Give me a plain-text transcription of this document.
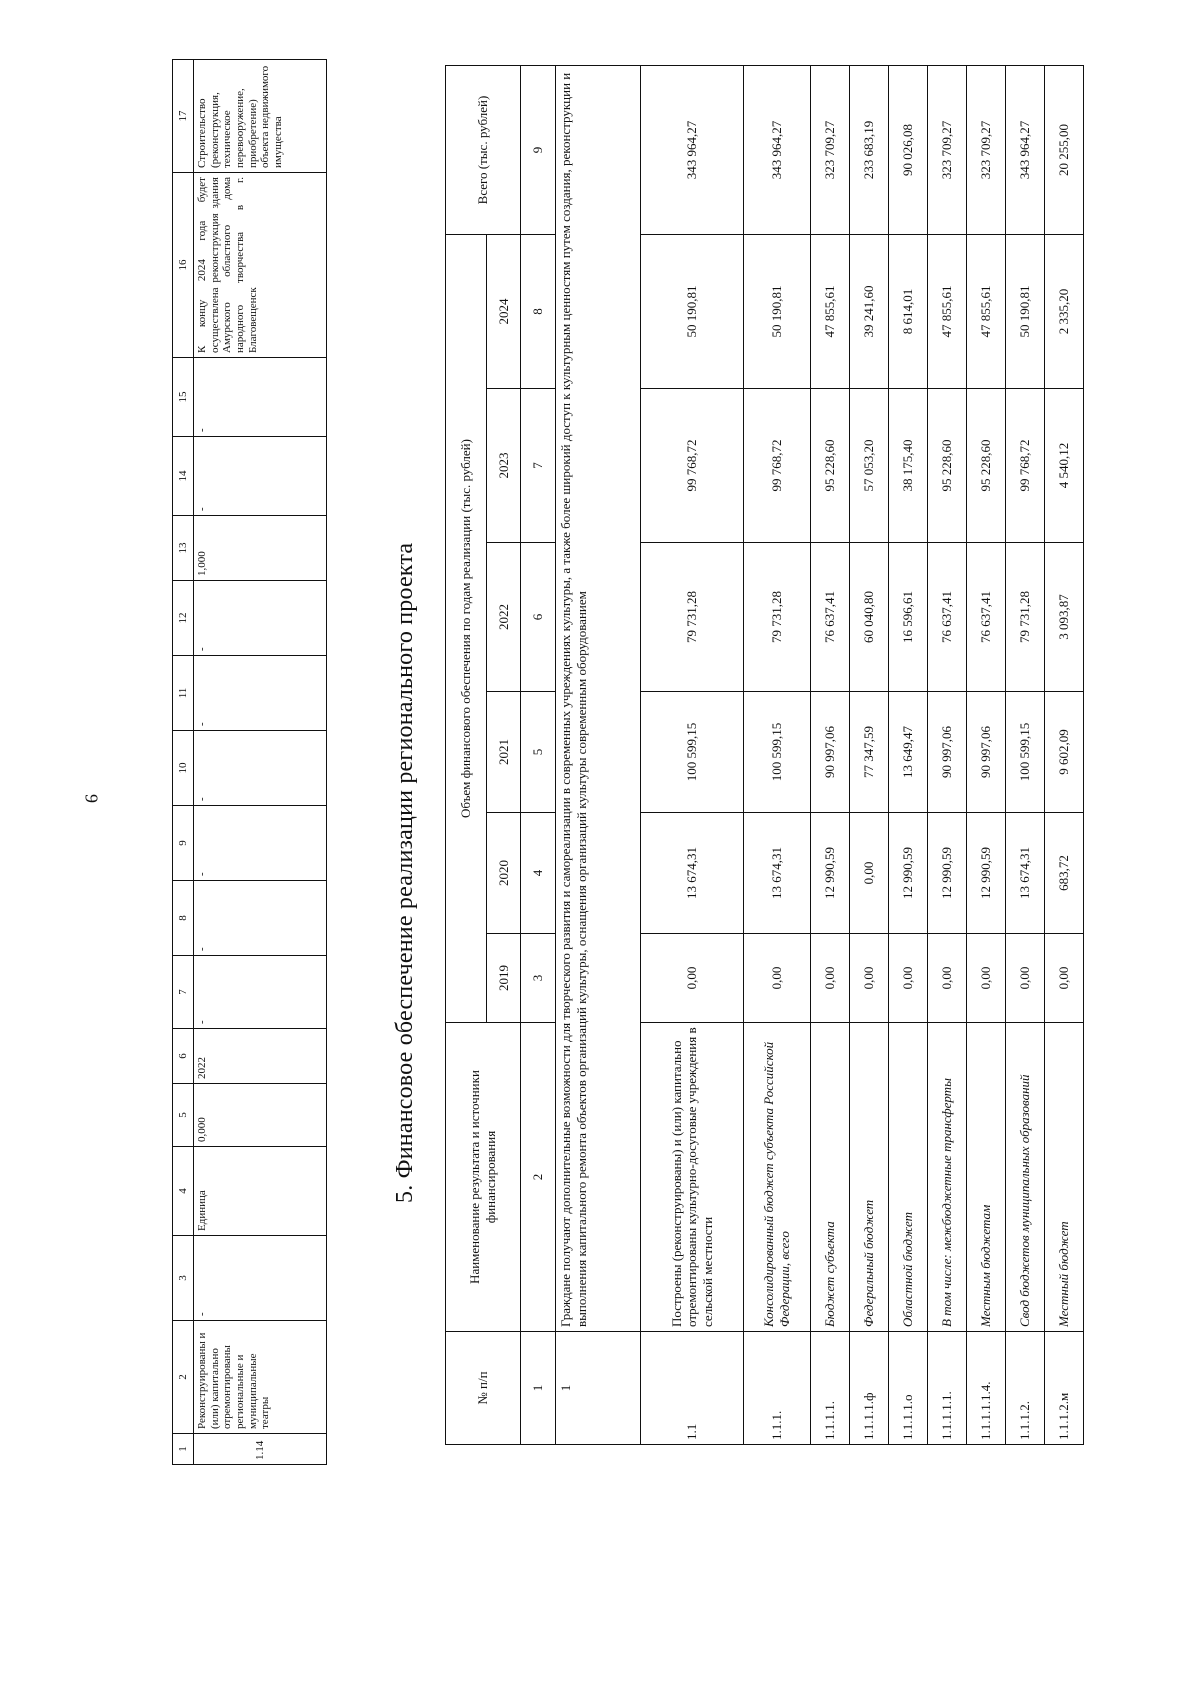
9
1	2	3	4	5	6	7	8	9	10	11	12	13	14	15	16	17
1.14	Реконструированы и (или) капитально отремонтированы региональные и муниципальные театры	-	Единица	0,000	2022	-	-	-	-	-	-	1,000	-	-	К концу 2024 года будет осуществлена реконструкция здания Амурского областного дома народного творчества в г. Благовещенск	Строительство (реконструкция, техническое перевооружение, приобретение) объекта недвижимого имущества
5. Финансовое обеспечение реализации регионального проекта
№ п/п	Наименование результата и источники финансирования	Объем финансового обеспечения по годам реализации (тыс. рублей)						Всего (тыс. рублей)
		2019	2020	2021	2022	2023	2024	
1	2	3	4	5	6	7	8	9
1	Граждане получают дополнительные возможности для творческого развития и самореализации в современных учреждениях культуры, а также более широкий доступ к культурным ценностям путем создания, реконструкции и выполнения капитального ремонта объектов организаций культуры, оснащения организаций культуры современным оборудованием							
1.1	Построены (реконструированы) и (или) капитально отремонтированы культурно-досуговые учреждения в сельской местности	0,00	13 674,31	100 599,15	79 731,28	99 768,72	50 190,81	343 964,27
1.1.1.	Консолидированный бюджет субъекта Российской Федерации, всего	0,00	13 674,31	100 599,15	79 731,28	99 768,72	50 190,81	343 964,27
1.1.1.1.	Бюджет субъекта	0,00	12 990,59	90 997,06	76 637,41	95 228,60	47 855,61	323 709,27
1.1.1.1.ф	Федеральный бюджет	0,00	0,00	77 347,59	60 040,80	57 053,20	39 241,60	233 683,19
1.1.1.1.о	Областной бюджет	0,00	12 990,59	13 649,47	16 596,61	38 175,40	8 614,01	90 026,08
1.1.1.1.1.	В том числе: межбюджетные трансферты	0,00	12 990,59	90 997,06	76 637,41	95 228,60	47 855,61	323 709,27
1.1.1.1.1.4.	Местным бюджетам	0,00	12 990,59	90 997,06	76 637,41	95 228,60	47 855,61	323 709,27
1.1.1.2.	Свод бюджетов муниципальных образований	0,00	13 674,31	100 599,15	79 731,28	99 768,72	50 190,81	343 964,27
1.1.1.2.м	Местный бюджет	0,00	683,72	9 602,09	3 093,87	4 540,12	2 335,20	20 255,00
